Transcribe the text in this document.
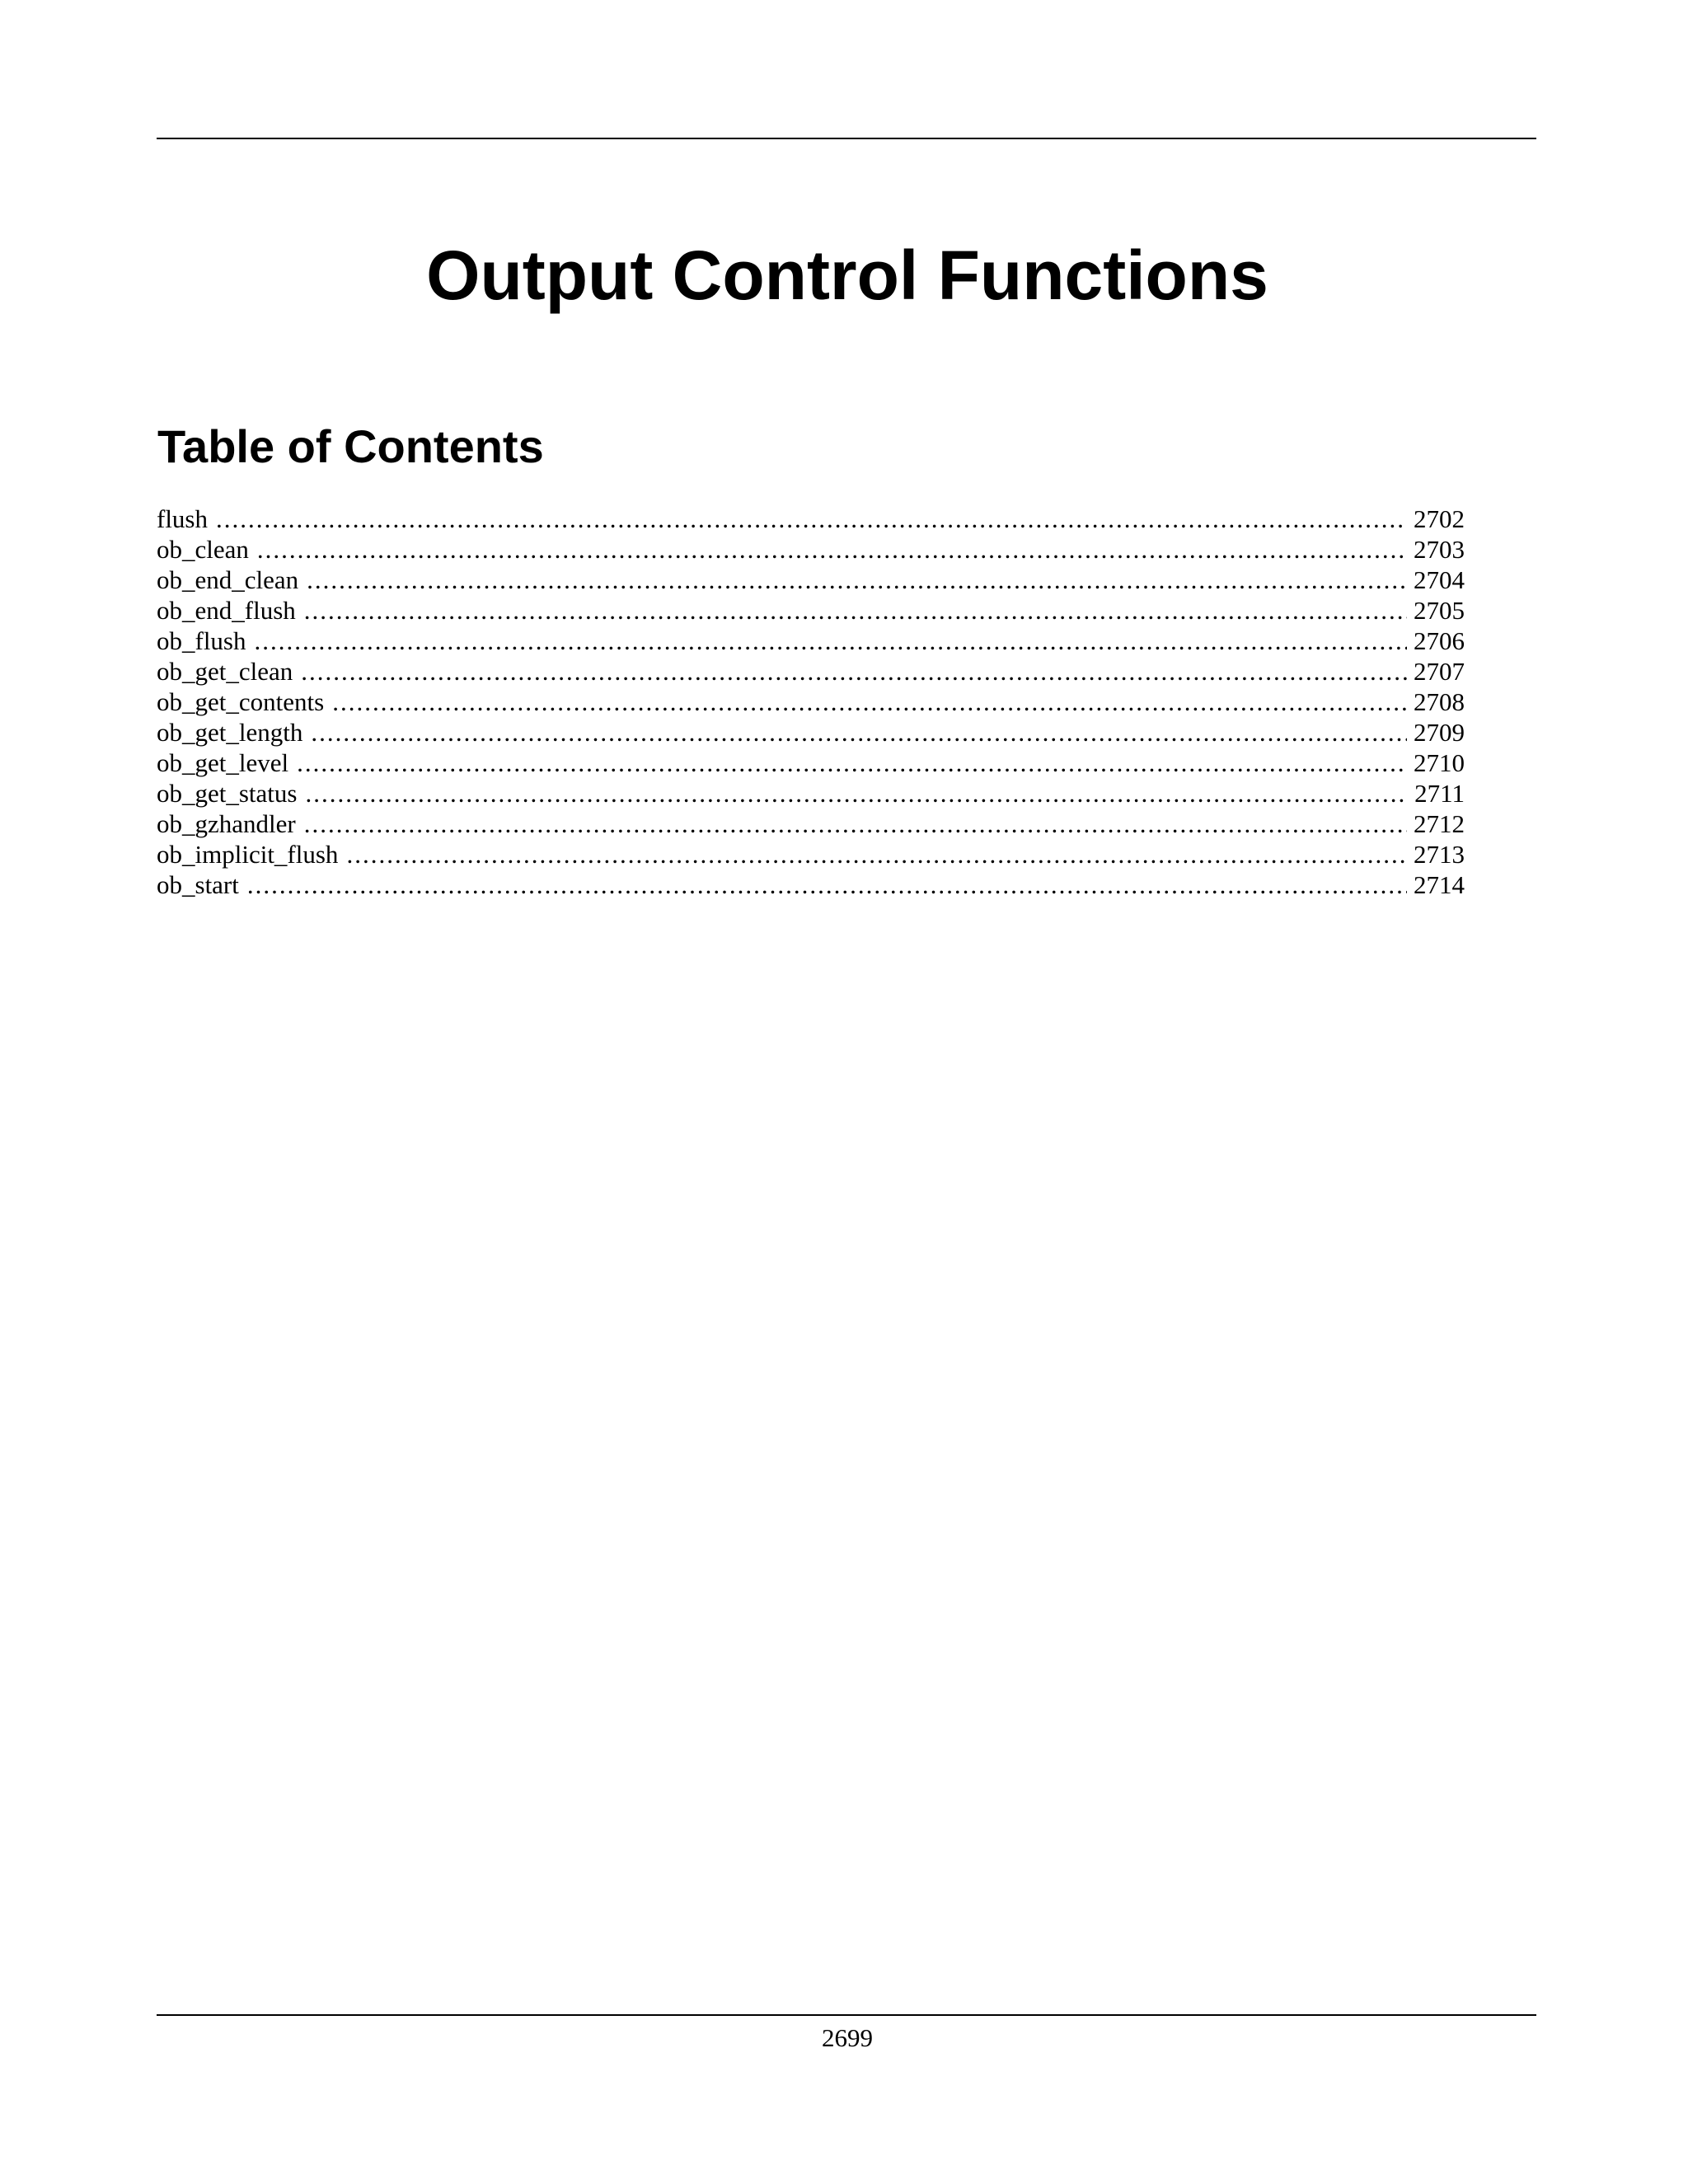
Output Control Functions
Table of Contents
flush .....	2702
ob_clean .....	2703
ob_end_clean .....	2704
ob_end_flush .....	2705
ob_flush .....	2706
ob_get_clean .....	2707
ob_get_contents .....	2708
ob_get_length .....	2709
ob_get_level .....	2710
ob_get_status .....	2711
ob_gzhandler .....	2712
ob_implicit_flush .....	2713
ob_start .....	2714
2699
